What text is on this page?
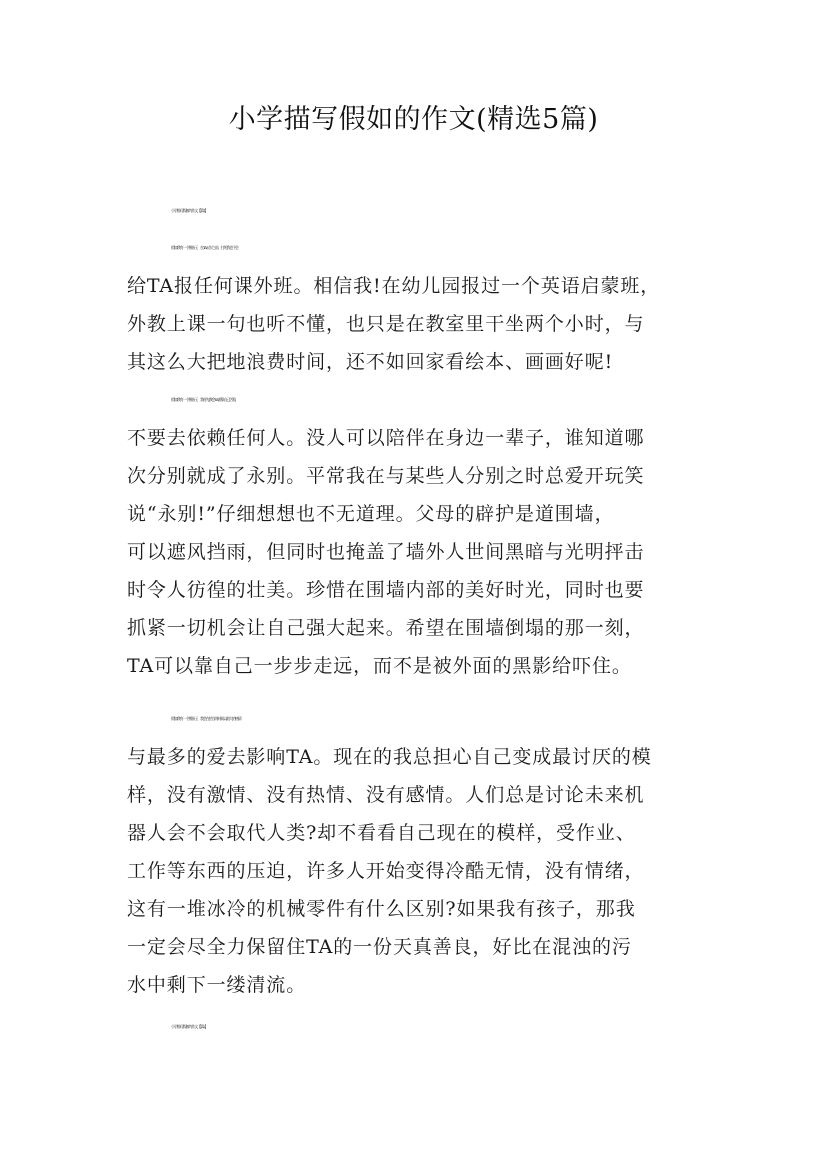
小学描写假如的作文(精选5篇)
小学描写假如的作文【篇1】
假如我有一个熊孩子，在TA五岁之前，打死我也不会
给TA报任何课外班。相信我!在幼儿园报过一个英语启蒙班，
外教上课一句也听不懂，也只是在教室里干坐两个小时，与
其这么大把地浪费时间，还不如回家看绘本、画画好呢!
假如我有一个熊孩子，我首先教会TA要靠自己活着，
不要去依赖任何人。没人可以陪伴在身边一辈子，谁知道哪
次分别就成了永别。平常我在与某些人分别之时总爱开玩笑
说“永别!”仔细想想也不无道理。父母的辟护是道围墙，
可以遮风挡雨，但同时也掩盖了墙外人世间黑暗与光明抨击
时令人彷徨的壮美。珍惜在围墙内部的美好时光，同时也要
抓紧一切机会让自己强大起来。希望在围墙倒塌的那一刻，
TA可以靠自己一步步走远，而不是被外面的黑影给吓住。
假如我有一个熊孩子，我会在恰当的时候以最大的热情
与最多的爱去影响TA。现在的我总担心自己变成最讨厌的模
样，没有激情、没有热情、没有感情。人们总是讨论未来机
器人会不会取代人类?却不看看自己现在的模样，受作业、
工作等东西的压迫，许多人开始变得冷酷无情，没有情绪，
这有一堆冰冷的机械零件有什么区别?如果我有孩子，那我
一定会尽全力保留住TA的一份天真善良，好比在混浊的污
水中剩下一缕清流。
小学描写假如的作文【篇2】
